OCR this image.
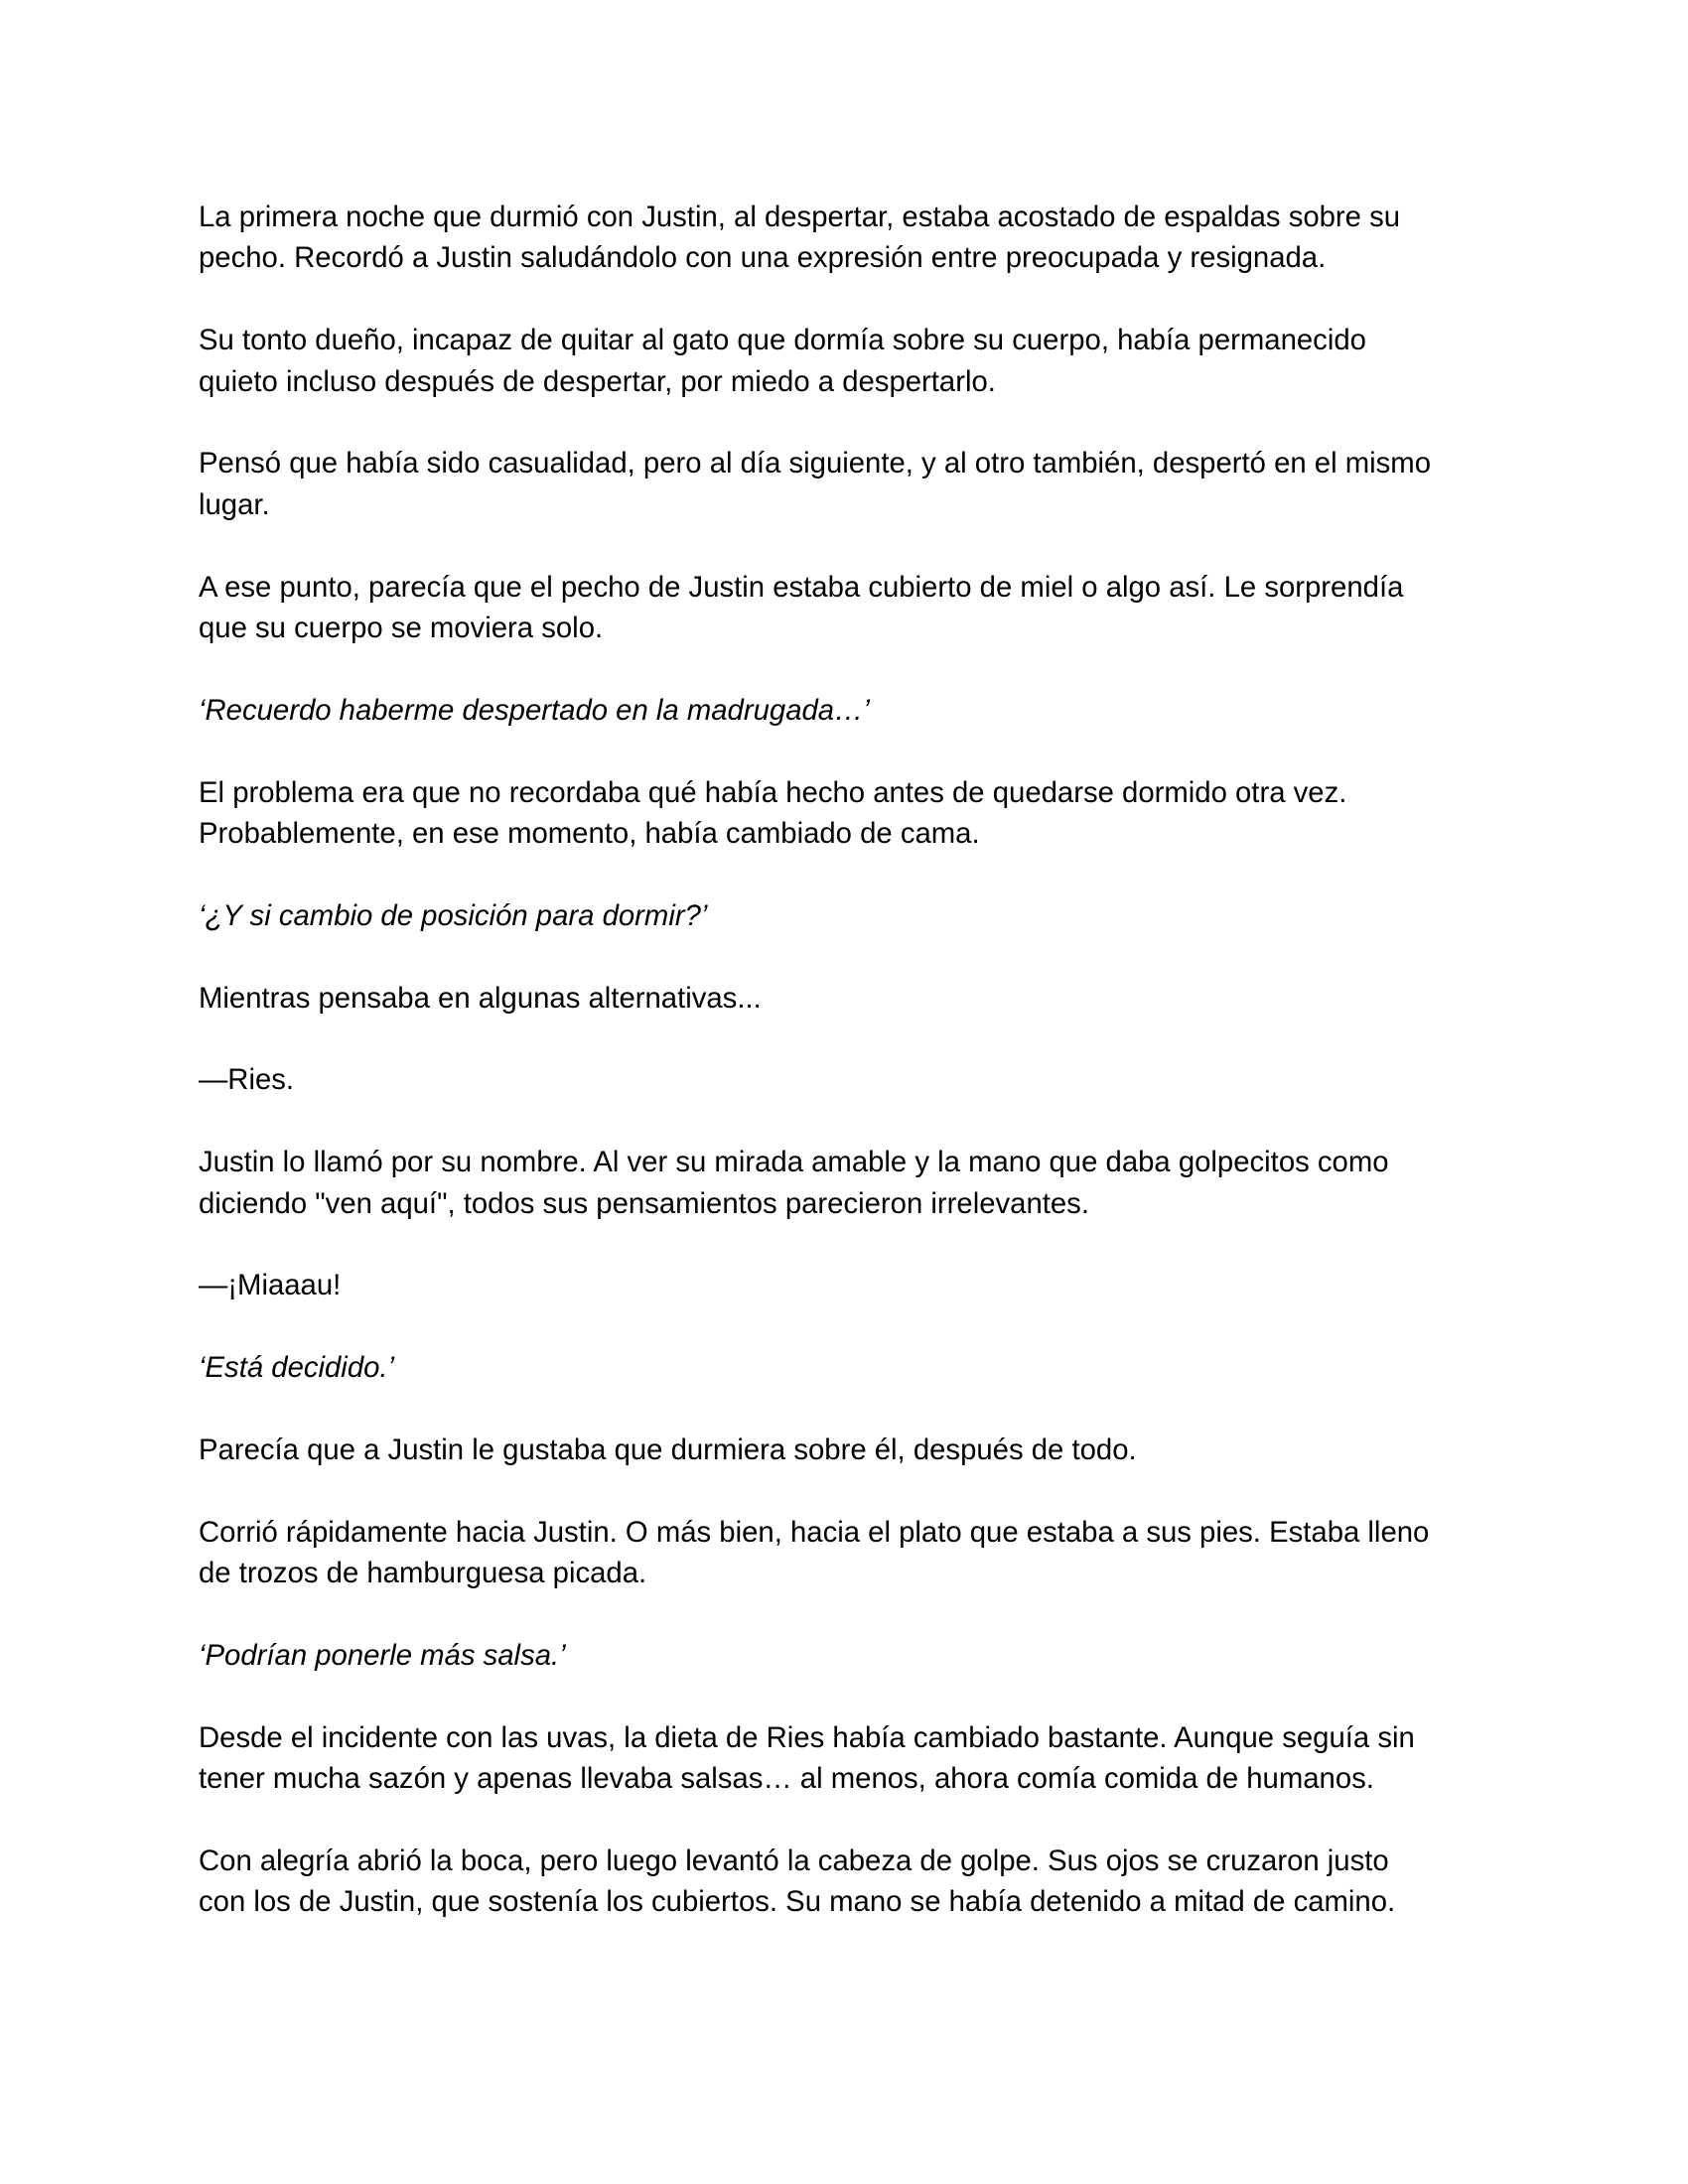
La primera noche que durmió con Justin, al despertar, estaba acostado de espaldas sobre su
pecho. Recordó a Justin saludándolo con una expresión entre preocupada y resignada.

Su tonto dueño, incapaz de quitar al gato que dormía sobre su cuerpo, había permanecido
quieto incluso después de despertar, por miedo a despertarlo.

Pensó que había sido casualidad, pero al día siguiente, y al otro también, despertó en el mismo
lugar.

A ese punto, parecía que el pecho de Justin estaba cubierto de miel o algo así. Le sorprendía
que su cuerpo se moviera solo.

‘Recuerdo haberme despertado en la madrugada…’

El problema era que no recordaba qué había hecho antes de quedarse dormido otra vez.
Probablemente, en ese momento, había cambiado de cama.

‘¿Y si cambio de posición para dormir?’

Mientras pensaba en algunas alternativas...

—Ries.

Justin lo llamó por su nombre. Al ver su mirada amable y la mano que daba golpecitos como
diciendo "ven aquí", todos sus pensamientos parecieron irrelevantes.

—¡Miaaau!

‘Está decidido.’

Parecía que a Justin le gustaba que durmiera sobre él, después de todo.

Corrió rápidamente hacia Justin. O más bien, hacia el plato que estaba a sus pies. Estaba lleno
de trozos de hamburguesa picada.

‘Podrían ponerle más salsa.’

Desde el incidente con las uvas, la dieta de Ries había cambiado bastante. Aunque seguía sin
tener mucha sazón y apenas llevaba salsas… al menos, ahora comía comida de humanos.

Con alegría abrió la boca, pero luego levantó la cabeza de golpe. Sus ojos se cruzaron justo
con los de Justin, que sostenía los cubiertos. Su mano se había detenido a mitad de camino.
